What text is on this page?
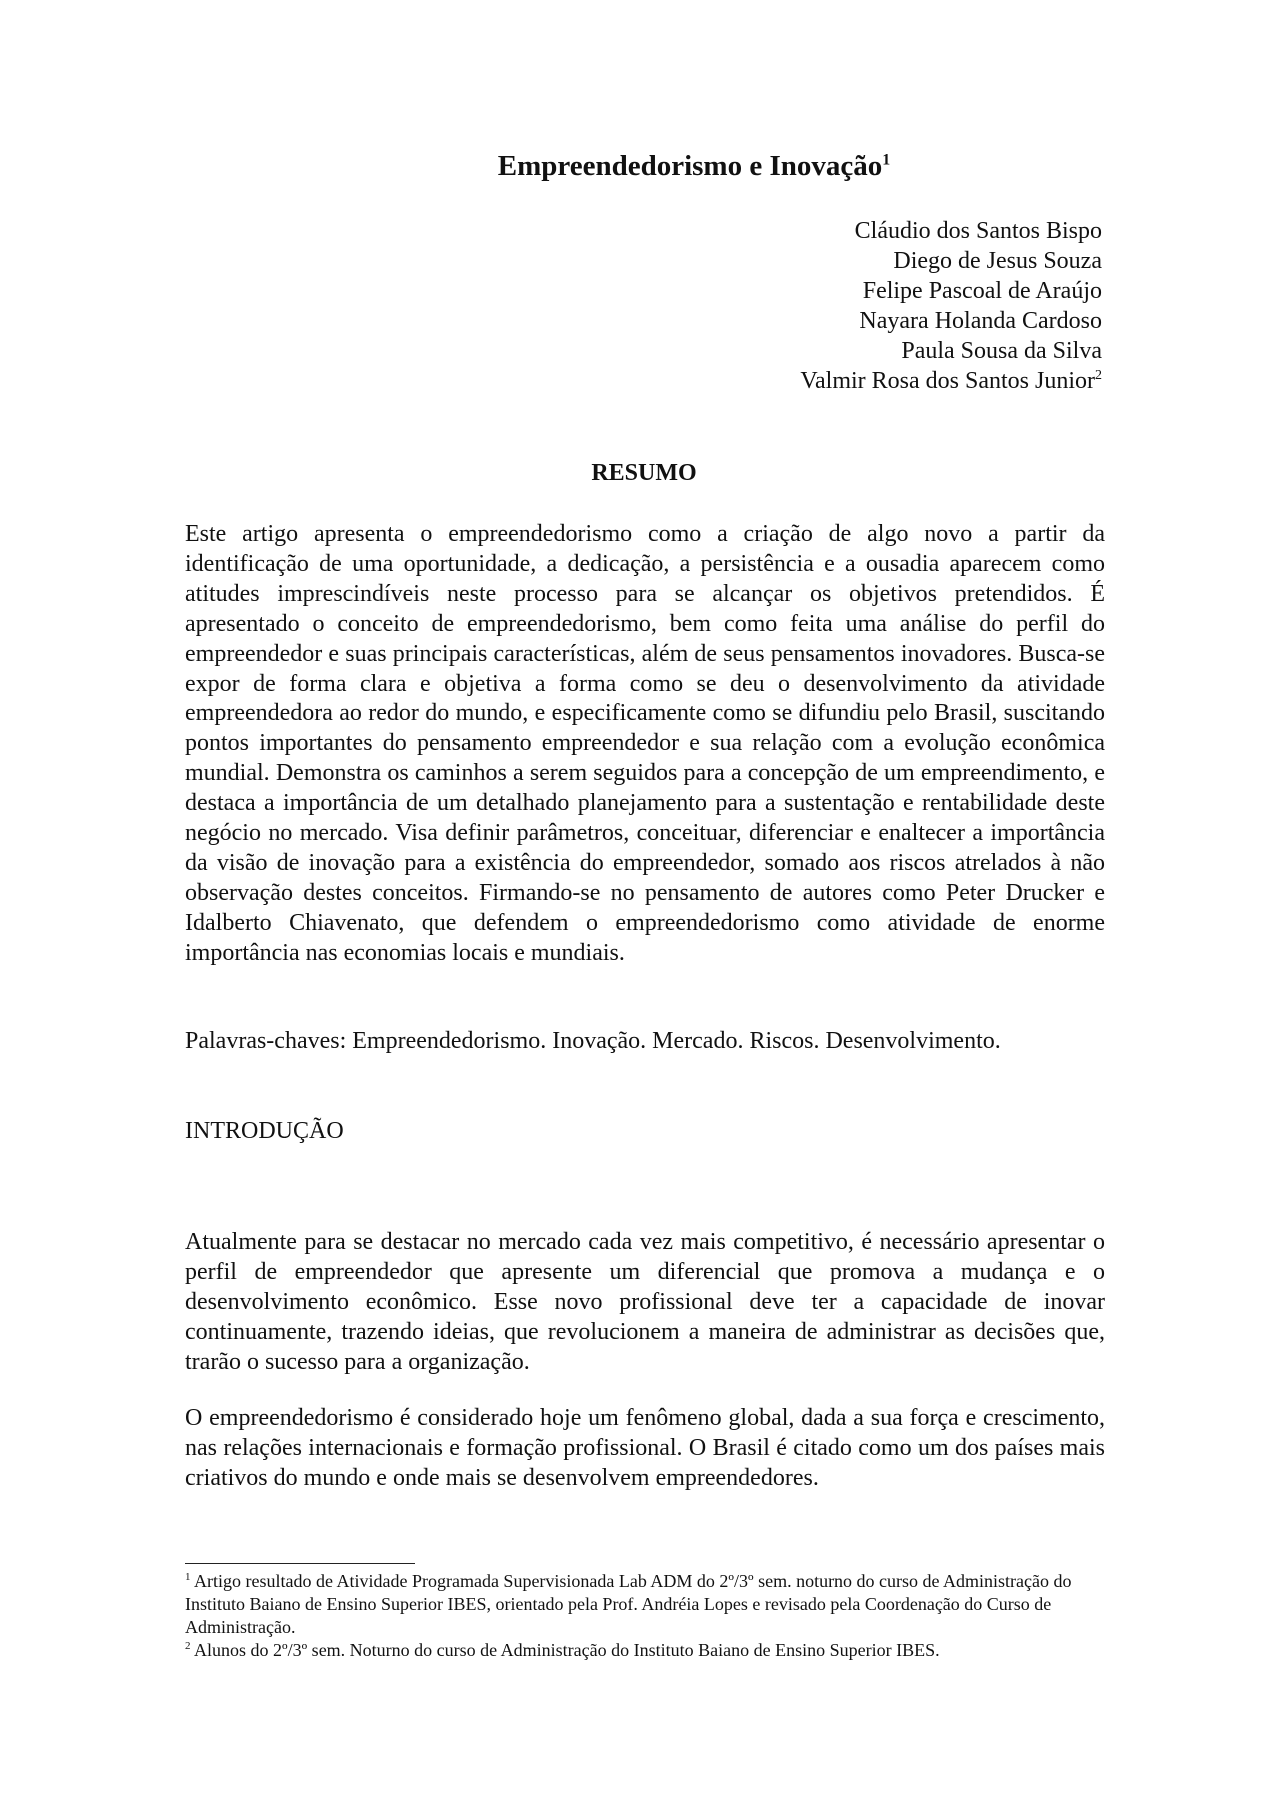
Empreendedorismo e Inovação$^1$
Cláudio dos Santos Bispo
Diego de Jesus Souza
Felipe Pascoal de Araújo
Nayara Holanda Cardoso
Paula Sousa da Silva
Valmir Rosa dos Santos Junior$^2$
RESUMO

Este artigo apresenta o empreendedorismo como a criação de algo novo a partir da identificação de uma oportunidade, a dedicação, a persistência e a ousadia aparecem como atitudes imprescindíveis neste processo para se alcançar os objetivos pretendidos. É apresentado o conceito de empreendedorismo, bem como feita uma análise do perfil do empreendedor e suas principais características, além de seus pensamentos inovadores. Busca-se expor de forma clara e objetiva a forma como se deu o desenvolvimento da atividade empreendedora ao redor do mundo, e especificamente como se difundiu pelo Brasil, suscitando pontos importantes do pensamento empreendedor e sua relação com a evolução econômica mundial. Demonstra os caminhos a serem seguidos para a concepção de um empreendimento, e destaca a importância de um detalhado planejamento para a sustentação e rentabilidade deste negócio no mercado. Visa definir parâmetros, conceituar, diferenciar e enaltecer a importância da visão de inovação para a existência do empreendedor, somado aos riscos atrelados à não observação destes conceitos. Firmando-se no pensamento de autores como Peter Drucker e Idalberto Chiavenato, que defendem o empreendedorismo como atividade de enorme importância nas economias locais e mundiais.

Palavras-chaves: Empreendedorismo. Inovação. Mercado. Riscos. Desenvolvimento.

INTRODUÇÃO

Atualmente para se destacar no mercado cada vez mais competitivo, é necessário apresentar o perfil de empreendedor que apresente um diferencial que promova a mudança e o desenvolvimento econômico. Esse novo profissional deve ter a capacidade de inovar continuamente, trazendo ideias, que revolucionem a maneira de administrar as decisões que, trarão o sucesso para a organização.

O empreendedorismo é considerado hoje um fenômeno global, dada a sua força e crescimento, nas relações internacionais e formação profissional. O Brasil é citado como um dos países mais criativos do mundo e onde mais se desenvolvem empreendedores.

$^1$ Artigo resultado de Atividade Programada Supervisionada Lab ADM do 2º/3º sem. noturno do curso de Administração do Instituto Baiano de Ensino Superior IBES, orientado pela Prof. Andréia Lopes e revisado pela Coordenação do Curso de Administração.

$^2$ Alunos do 2º/3º sem. Noturno do curso de Administração do Instituto Baiano de Ensino Superior IBES.
